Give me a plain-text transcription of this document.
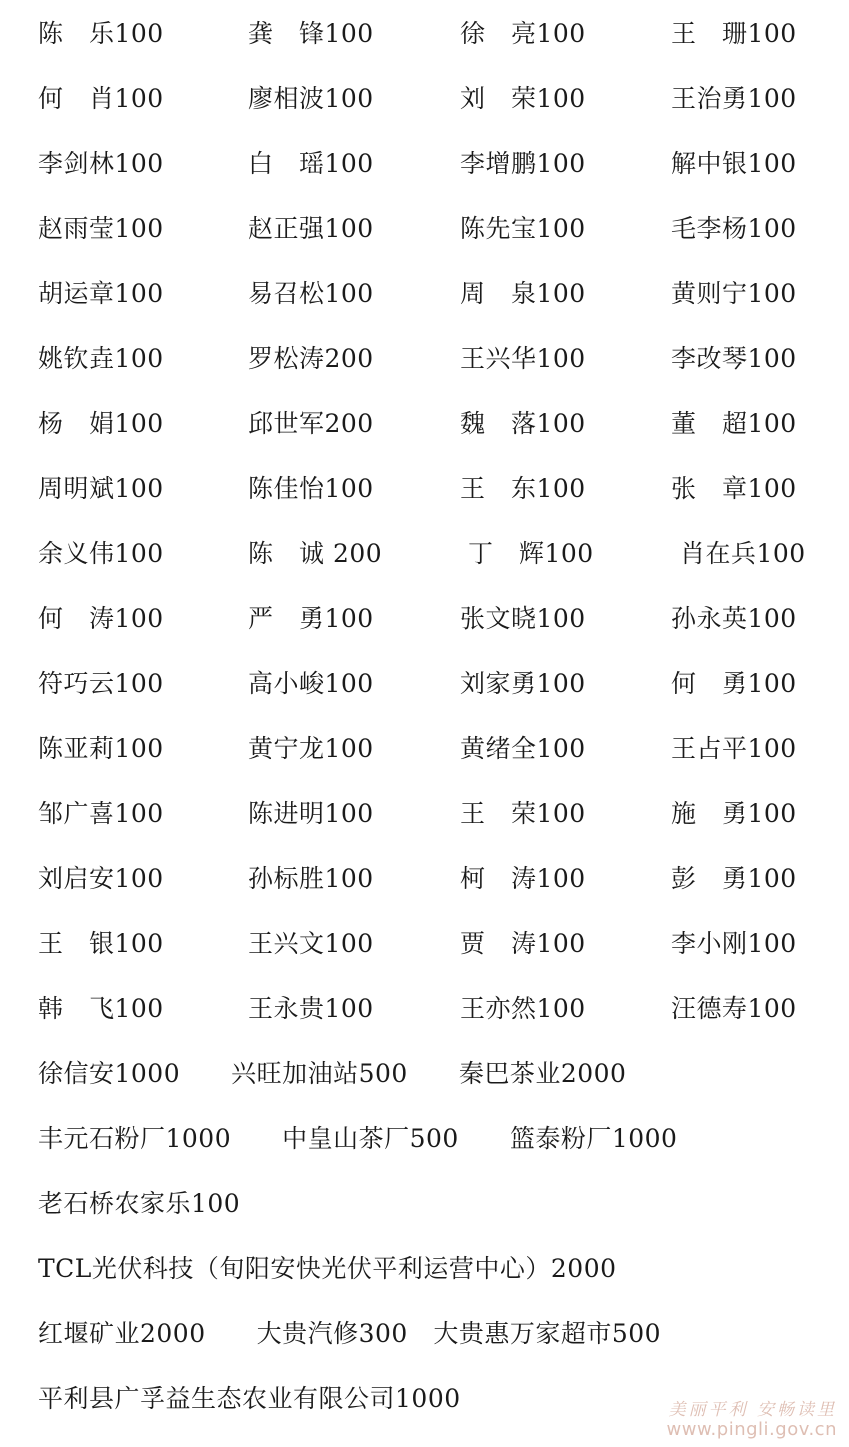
陈　乐100	龚　锋100	徐　亮100	王　珊100
何　肖100	廖相波100	刘　荣100	王治勇100
李剑林100	白　瑶100	李增鹏100	解中银100
赵雨莹100	赵正强100	陈先宝100	毛李杨100
胡运章100	易召松100	周　泉100	黄则宁100
姚钦垚100	罗松涛200	王兴华100	李改琴100
杨　娟100	邱世军200	魏　落100	董　超100
周明斌100	陈佳怡100	王　东100	张　章100
余义伟100	陈　诚 200	丁　辉100	肖在兵100
何　涛100	严　勇100	张文晓100	孙永英100
符巧云100	高小峻100	刘家勇100	何　勇100
陈亚莉100	黄宁龙100	黄绪全100	王占平100
邹广喜100	陈进明100	王　荣100	施　勇100
刘启安100	孙标胜100	柯　涛100	彭　勇100
王　银100	王兴文100	贾　涛100	李小刚100
韩　飞100	王永贵100	王亦然100	汪德寿100
徐信安1000　　兴旺加油站500　　秦巴茶业2000
丰元石粉厂1000　　中皇山茶厂500　　篮泰粉厂1000
老石桥农家乐100
TCL光伏科技（旬阳安快光伏平利运营中心）2000
红堰矿业2000　　大贵汽修300　大贵惠万家超市500
平利县广孚益生态农业有限公司1000	美丽平利 安畅读里
www.pingli.gov.cn
